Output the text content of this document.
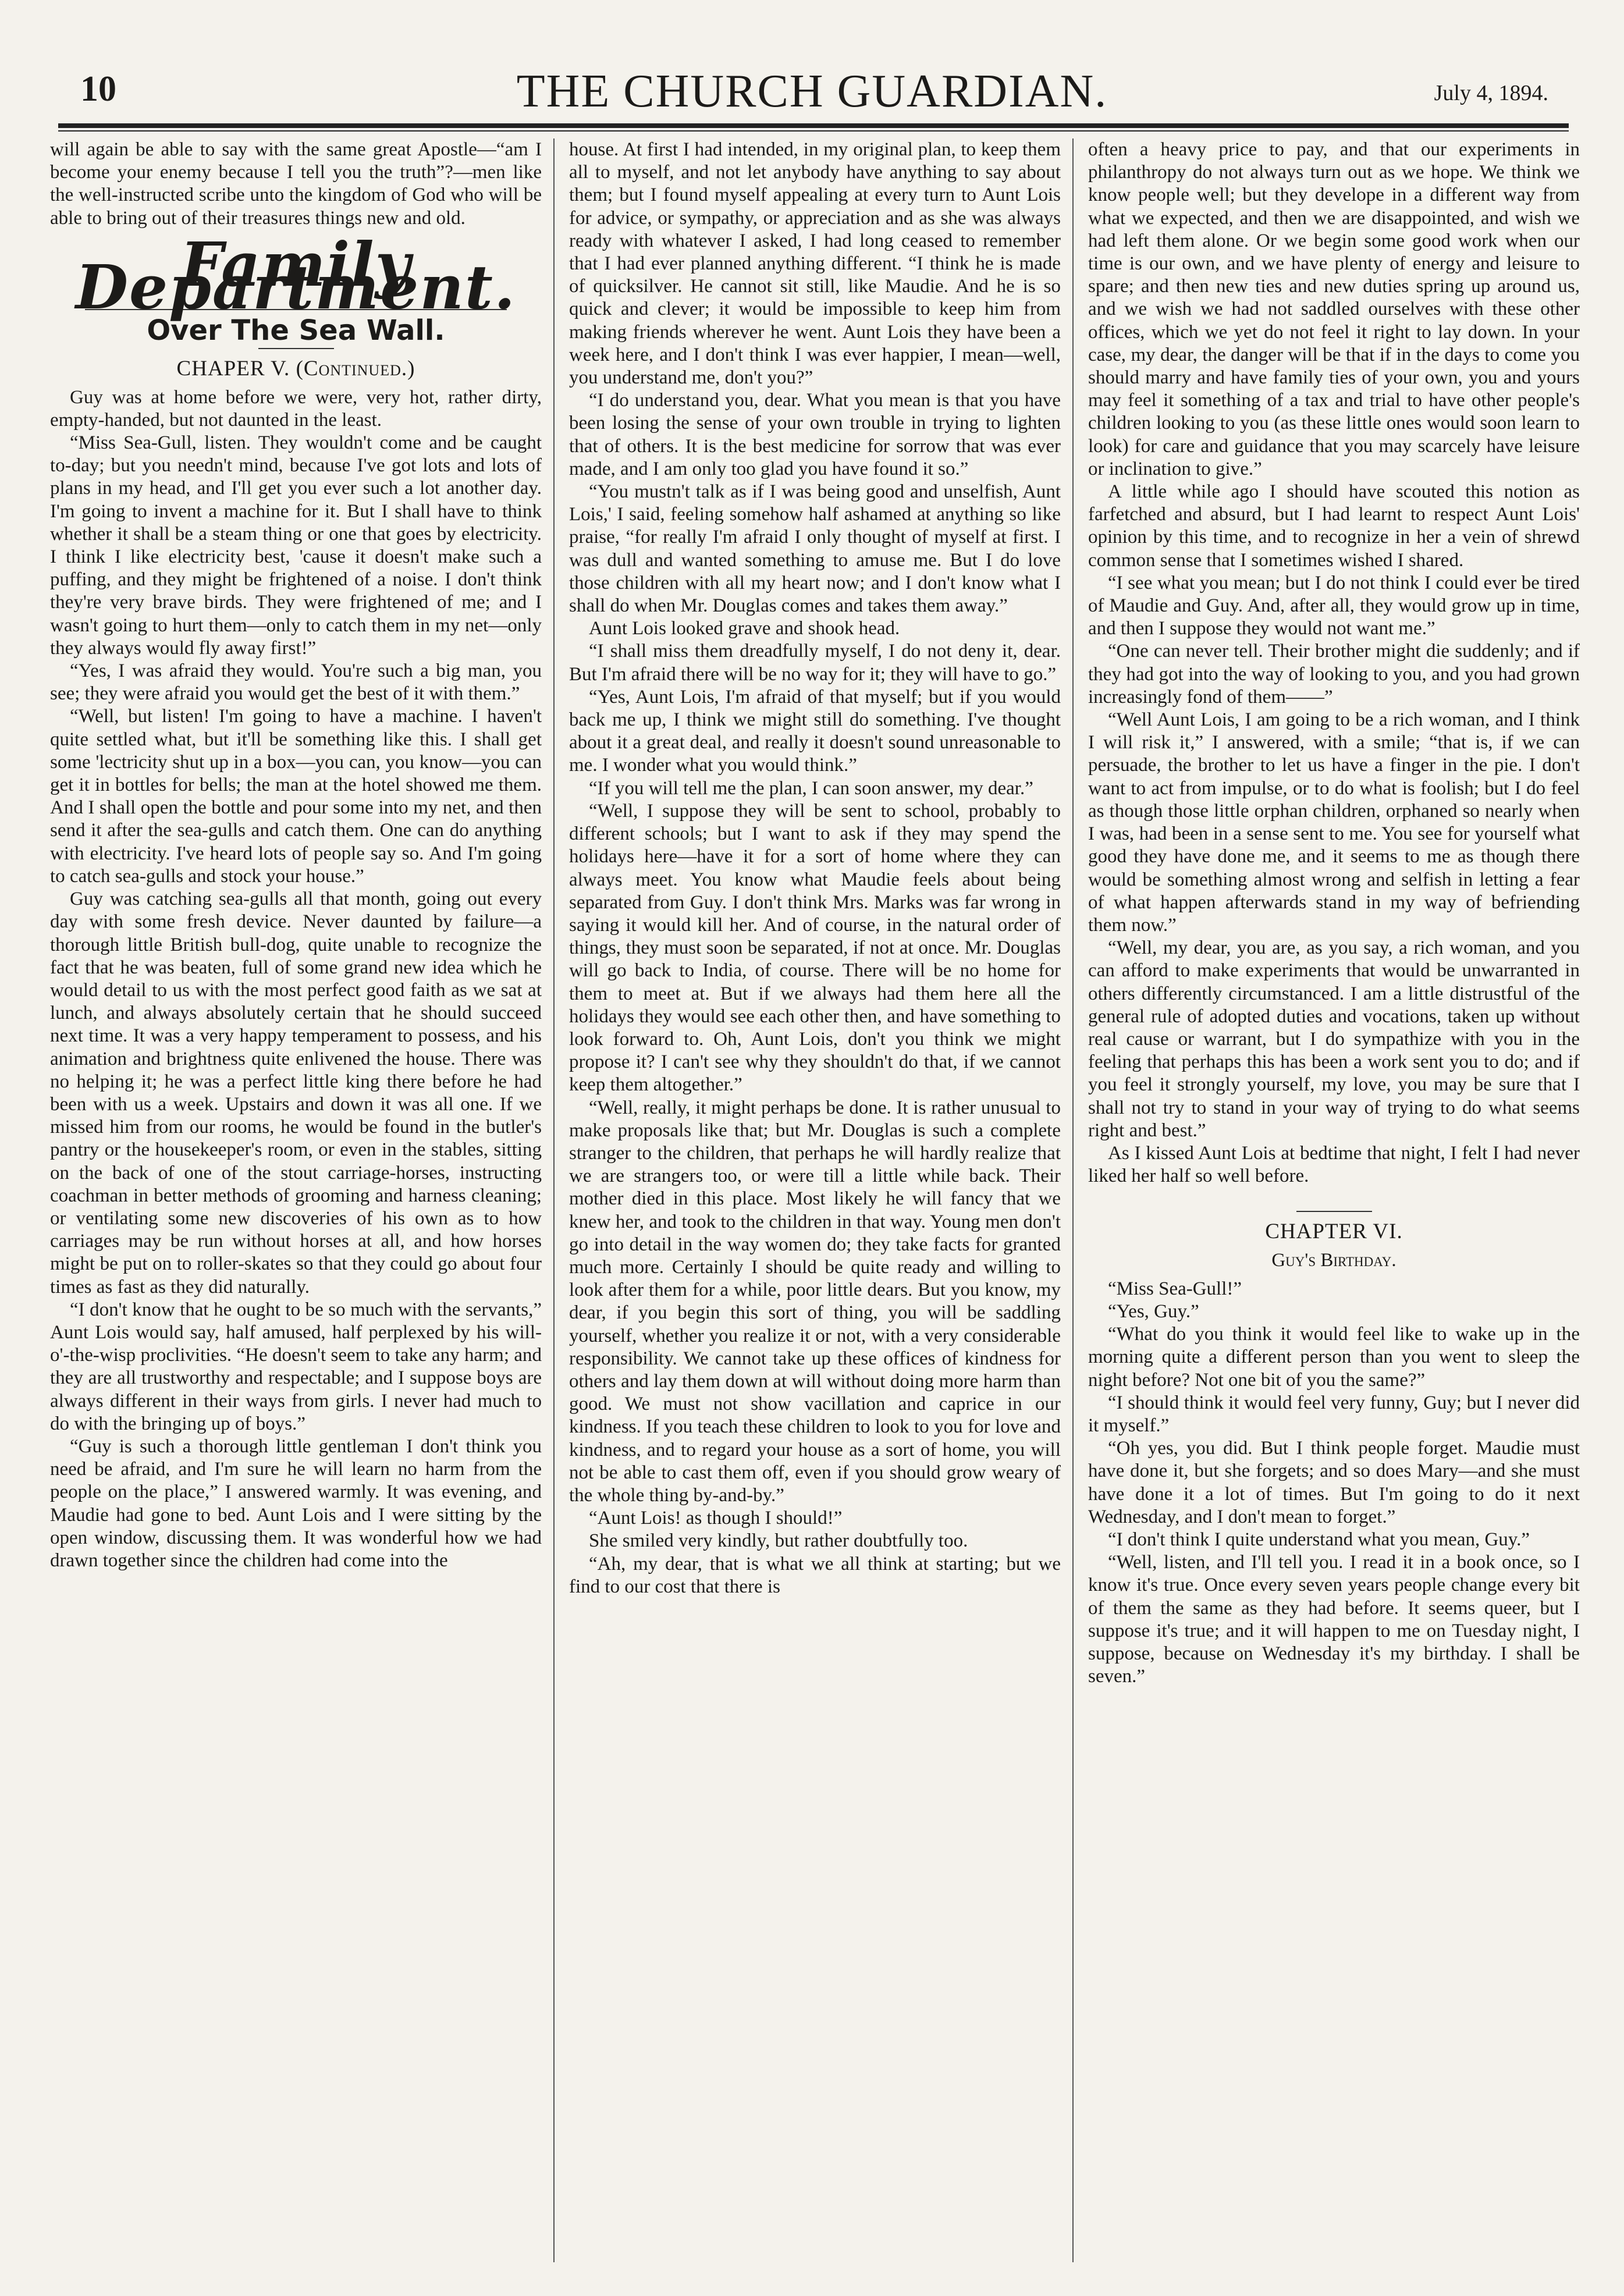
10	THE CHURCH GUARDIAN.	July 4, 1894.

will again be able to say with the same great Apostle—“am I become your enemy because I tell you the truth”?—men like the well-instructed scribe unto the kingdom of God who will be able to bring out of their treasures things new and old.

Family Department.
Over The Sea Wall.
CHAPER V. (Continued.)

Guy was at home before we were, very hot, rather dirty, empty-handed, but not daunted in the least.

“Miss Sea-Gull, listen. They wouldn't come and be caught to-day; but you needn't mind, because I've got lots and lots of plans in my head, and I'll get you ever such a lot another day. I'm going to invent a machine for it. But I shall have to think whether it shall be a steam thing or one that goes by electricity. I think I like electricity best, 'cause it doesn't make such a puffing, and they might be frightened of a noise. I don't think they're very brave birds. They were frightened of me; and I wasn't going to hurt them—only to catch them in my net—only they always would fly away first!”

“Yes, I was afraid they would. You're such a big man, you see; they were afraid you would get the best of it with them.”

“Well, but listen! I'm going to have a machine. I haven't quite settled what, but it'll be something like this. I shall get some 'lectricity shut up in a box—you can, you know—you can get it in bottles for bells; the man at the hotel showed me them. And I shall open the bottle and pour some into my net, and then send it after the sea-gulls and catch them. One can do anything with electricity. I've heard lots of people say so. And I'm going to catch sea-gulls and stock your house.”

Guy was catching sea-gulls all that month, going out every day with some fresh device. Never daunted by failure—a thorough little British bull-dog, quite unable to recognize the fact that he was beaten, full of some grand new idea which he would detail to us with the most perfect good faith as we sat at lunch, and always absolutely certain that he should succeed next time. It was a very happy temperament to possess, and his animation and brightness quite enlivened the house. There was no helping it; he was a perfect little king there before he had been with us a week. Upstairs and down it was all one. If we missed him from our rooms, he would be found in the butler's pantry or the housekeeper's room, or even in the stables, sitting on the back of one of the stout carriage-horses, instructing coachman in better methods of grooming and harness cleaning; or ventilating some new discoveries of his own as to how carriages may be run without horses at all, and how horses might be put on to roller-skates so that they could go about four times as fast as they did naturally.

“I don't know that he ought to be so much with the servants,” Aunt Lois would say, half amused, half perplexed by his will-o'-the-wisp proclivities. “He doesn't seem to take any harm; and they are all trustworthy and respectable; and I suppose boys are always different in their ways from girls. I never had much to do with the bringing up of boys.”

“Guy is such a thorough little gentleman I don't think you need be afraid, and I'm sure he will learn no harm from the people on the place,” I answered warmly. It was evening, and Maudie had gone to bed. Aunt Lois and I were sitting by the open window, discussing them. It was wonderful how we had drawn together since the children had come into the

house. At first I had intended, in my original plan, to keep them all to myself, and not let anybody have anything to say about them; but I found myself appealing at every turn to Aunt Lois for advice, or sympathy, or appreciation and as she was always ready with whatever I asked, I had long ceased to remember that I had ever planned anything different. “I think he is made of quicksilver. He cannot sit still, like Maudie. And he is so quick and clever; it would be impossible to keep him from making friends wherever he went. Aunt Lois they have been a week here, and I don't think I was ever happier, I mean—well, you understand me, don't you?”

“I do understand you, dear. What you mean is that you have been losing the sense of your own trouble in trying to lighten that of others. It is the best medicine for sorrow that was ever made, and I am only too glad you have found it so.”

“You mustn't talk as if I was being good and unselfish, Aunt Lois,' I said, feeling somehow half ashamed at anything so like praise, “for really I'm afraid I only thought of myself at first. I was dull and wanted something to amuse me. But I do love those children with all my heart now; and I don't know what I shall do when Mr. Douglas comes and takes them away.”

Aunt Lois looked grave and shook head.

“I shall miss them dreadfully myself, I do not deny it, dear. But I'm afraid there will be no way for it; they will have to go.”

“Yes, Aunt Lois, I'm afraid of that myself; but if you would back me up, I think we might still do something. I've thought about it a great deal, and really it doesn't sound unreasonable to me. I wonder what you would think.”

“If you will tell me the plan, I can soon answer, my dear.”

“Well, I suppose they will be sent to school, probably to different schools; but I want to ask if they may spend the holidays here—have it for a sort of home where they can always meet. You know what Maudie feels about being separated from Guy. I don't think Mrs. Marks was far wrong in saying it would kill her. And of course, in the natural order of things, they must soon be separated, if not at once. Mr. Douglas will go back to India, of course. There will be no home for them to meet at. But if we always had them here all the holidays they would see each other then, and have something to look forward to. Oh, Aunt Lois, don't you think we might propose it? I can't see why they shouldn't do that, if we cannot keep them altogether.”

“Well, really, it might perhaps be done. It is rather unusual to make proposals like that; but Mr. Douglas is such a complete stranger to the children, that perhaps he will hardly realize that we are strangers too, or were till a little while back. Their mother died in this place. Most likely he will fancy that we knew her, and took to the children in that way. Young men don't go into detail in the way women do; they take facts for granted much more. Certainly I should be quite ready and willing to look after them for a while, poor little dears. But you know, my dear, if you begin this sort of thing, you will be saddling yourself, whether you realize it or not, with a very considerable responsibility. We cannot take up these offices of kindness for others and lay them down at will without doing more harm than good. We must not show vacillation and caprice in our kindness. If you teach these children to look to you for love and kindness, and to regard your house as a sort of home, you will not be able to cast them off, even if you should grow weary of the whole thing by-and-by.”

“Aunt Lois! as though I should!”

She smiled very kindly, but rather doubtfully too.

“Ah, my dear, that is what we all think at starting; but we find to our cost that there is

often a heavy price to pay, and that our experiments in philanthropy do not always turn out as we hope. We think we know people well; but they develope in a different way from what we expected, and then we are disappointed, and wish we had left them alone. Or we begin some good work when our time is our own, and we have plenty of energy and leisure to spare; and then new ties and new duties spring up around us, and we wish we had not saddled ourselves with these other offices, which we yet do not feel it right to lay down. In your case, my dear, the danger will be that if in the days to come you should marry and have family ties of your own, you and yours may feel it something of a tax and trial to have other people's children looking to you (as these little ones would soon learn to look) for care and guidance that you may scarcely have leisure or inclination to give.”

A little while ago I should have scouted this notion as farfetched and absurd, but I had learnt to respect Aunt Lois' opinion by this time, and to recognize in her a vein of shrewd common sense that I sometimes wished I shared.

“I see what you mean; but I do not think I could ever be tired of Maudie and Guy. And, after all, they would grow up in time, and then I suppose they would not want me.”

“One can never tell. Their brother might die suddenly; and if they had got into the way of looking to you, and you had grown increasingly fond of them——”

“Well Aunt Lois, I am going to be a rich woman, and I think I will risk it,” I answered, with a smile; “that is, if we can persuade, the brother to let us have a finger in the pie. I don't want to act from impulse, or to do what is foolish; but I do feel as though those little orphan children, orphaned so nearly when I was, had been in a sense sent to me. You see for yourself what good they have done me, and it seems to me as though there would be something almost wrong and selfish in letting a fear of what happen afterwards stand in my way of befriending them now.”

“Well, my dear, you are, as you say, a rich woman, and you can afford to make experiments that would be unwarranted in others differently circumstanced. I am a little distrustful of the general rule of adopted duties and vocations, taken up without real cause or warrant, but I do sympathize with you in the feeling that perhaps this has been a work sent you to do; and if you feel it strongly yourself, my love, you may be sure that I shall not try to stand in your way of trying to do what seems right and best.”

As I kissed Aunt Lois at bedtime that night, I felt I had never liked her half so well before.

CHAPTER VI.
Guy's Birthday.

“Miss Sea-Gull!”

“Yes, Guy.”

“What do you think it would feel like to wake up in the morning quite a different person than you went to sleep the night before? Not one bit of you the same?”

“I should think it would feel very funny, Guy; but I never did it myself.”

“Oh yes, you did. But I think people forget. Maudie must have done it, but she forgets; and so does Mary—and she must have done it a lot of times. But I'm going to do it next Wednesday, and I don't mean to forget.”

“I don't think I quite understand what you mean, Guy.”

“Well, listen, and I'll tell you. I read it in a book once, so I know it's true. Once every seven years people change every bit of them the same as they had before. It seems queer, but I suppose it's true; and it will happen to me on Tuesday night, I suppose, because on Wednesday it's my birthday. I shall be seven.”
